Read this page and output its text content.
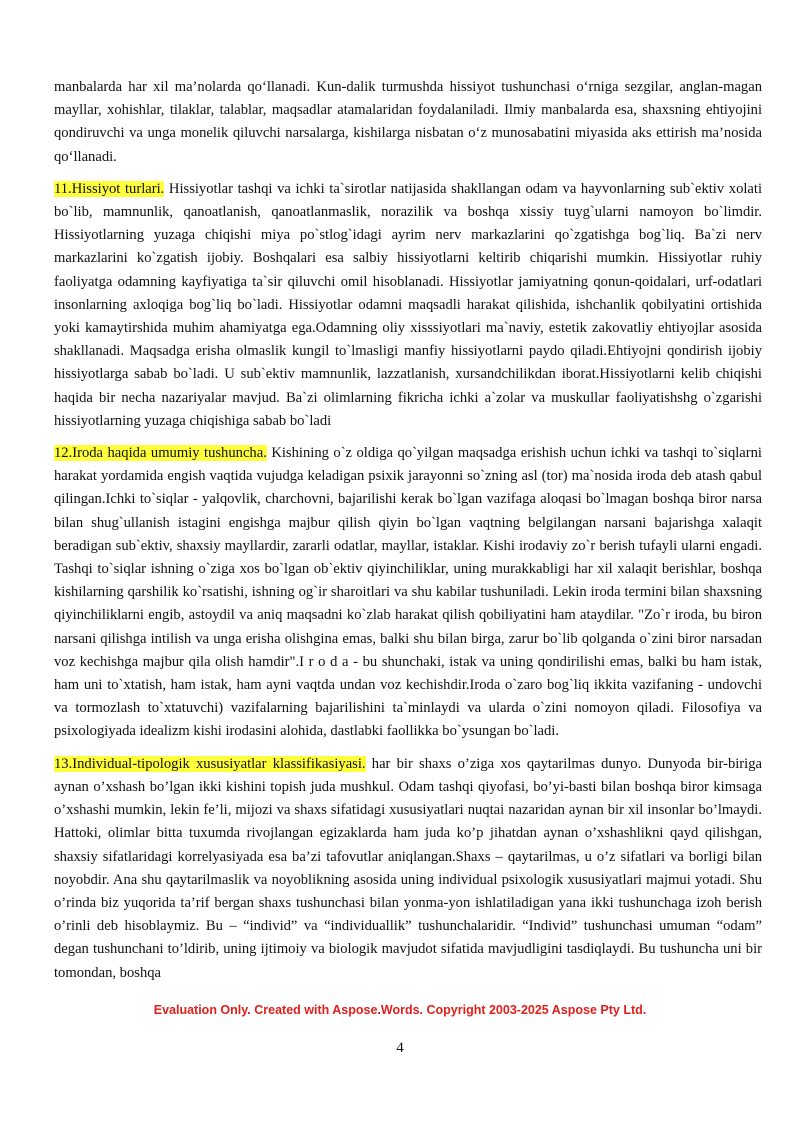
manbalarda har xil ma’nolarda qo‘llanadi. Kun-dalik turmushda hissiyot tushunchasi o‘rniga sezgilar, anglan-magan mayllar, xohishlar, tilaklar, talablar, maqsadlar atamalaridan foydalaniladi. Ilmiy manbalarda esa, shaxsning ehtiyojini qondiruvchi va unga monelik qiluvchi narsalarga, kishilarga nisbatan o‘z munosabatini miyasida aks ettirish ma’nosida qo‘llanadi.

11.Hissiyot turlari. Hissiyotlar tashqi va ichki ta`sirotlar natijasida shakllangan odam va hayvonlarning sub`ektiv xolati bo`lib, mamnunlik, qanoatlanish, qanoatlanmaslik, norazilik va boshqa xissiy tuyg`ularni namoyon bo`limdir. Hissiyotlarning yuzaga chiqishi miya po`stlog`idagi ayrim nerv markazlarini qo`zgatishga bog`liq. Ba`zi nerv markazlarini ko`zgatish ijobiy. Boshqalari esa salbiy hissiyotlarni keltirib chiqarishi mumkin. Hissiyotlar ruhiy faoliyatga odamning kayfiyatiga ta`sir qiluvchi omil hisoblanadi. Hissiyotlar jamiyatning qonun-qoidalari, urf-odatlari insonlarning axloqiga bog`liq bo`ladi. Hissiyotlar odamni maqsadli harakat qilishida, ishchanlik qobilyatini ortishida yoki kamaytirshida muhim ahamiyatga ega.Odamning oliy xisssiyotlari ma`naviy, estetik zakovatliy ehtiyojlar asosida shakllanadi. Maqsadga erisha olmaslik kungil to`lmasligi manfiy hissiyotlarni paydo qiladi.Ehtiyojni qondirish ijobiy hissiyotlarga sabab bo`ladi. U sub`ektiv mamnunlik, lazzatlanish, xursandchilikdan iborat.Hissiyotlarni kelib chiqishi haqida bir necha nazariyalar mavjud. Ba`zi olimlarning fikricha ichki a`zolar va muskullar faoliyatishshg o`zgarishi hissiyotlarning yuzaga chiqishiga sabab bo`ladi

12.Iroda haqida umumiy tushuncha. Kishining o`z oldiga qo`yilgan maqsadga erishish uchun ichki va tashqi to`siqlarni harakat yordamida engish vaqtida vujudga keladigan psixik jarayonni so`zning asl (tor) ma`nosida iroda deb atash qabul qilingan.Ichki to`siqlar - yalqovlik, charchovni, bajarilishi kerak bo`lgan vazifaga aloqasi bo`lmagan boshqa biror narsa bilan shug`ullanish istagini engishga majbur qilish qiyin bo`lgan vaqtning belgilangan narsani bajarishga xalaqit beradigan sub`ektiv, shaxsiy mayllardir, zararli odatlar, mayllar, istaklar. Kishi irodaviy zo`r berish tufayli ularni engadi. Tashqi to`siqlar ishning o`ziga xos bo`lgan ob`ektiv qiyinchiliklar, uning murakkabligi har xil xalaqit berishlar, boshqa kishilarning qarshilik ko`rsatishi, ishning og`ir sharoitlari va shu kabilar tushuniladi. Lekin iroda termini bilan shaxsning qiyinchiliklarni engib, astoydil va aniq maqsadni ko`zlab harakat qilish qobiliyatini ham ataydilar. "Zo`r iroda, bu biron narsani qilishga intilish va unga erisha olishgina emas, balki shu bilan birga, zarur bo`lib qolganda o`zini biror narsadan voz kechishga majbur qila olish hamdir".I r o d a - bu shunchaki, istak va uning qondirilishi emas, balki bu ham istak, ham uni to`xtatish, ham istak, ham ayni vaqtda undan voz kechishdir.Iroda o`zaro bog`liq ikkita vazifaning - undovchi va tormozlash to`xtatuvchi) vazifalarning bajarilishini ta`minlaydi va ularda o`zini nomoyon qiladi. Filosofiya va psixologiyada idealizm kishi irodasini alohida, dastlabki faollikka bo`ysungan bo`ladi.

13.Individual-tipologik xususiyatlar klassifikasiyasi. har bir shaxs o’ziga xos qaytarilmas dunyo. Dunyoda bir-biriga aynan o’xshash bo’lgan ikki kishini topish juda mushkul. Odam tashqi qiyofasi, bo’yi-basti bilan boshqa biror kimsaga o’xshashi mumkin, lekin fe’li, mijozi va shaxs sifatidagi xususiyatlari nuqtai nazaridan aynan bir xil insonlar bo’lmaydi. Hattoki, olimlar bitta tuxumda rivojlangan egizaklarda ham juda ko’p jihatdan aynan o’xshashlikni qayd qilishgan, shaxsiy sifatlaridagi korrelyasiyada esa ba’zi tafovutlar aniqlangan.Shaxs – qaytarilmas, u o’z sifatlari va borligi bilan noyobdir. Ana shu qaytarilmaslik va noyoblikning asosida uning individual psixologik xususiyatlari majmui yotadi. Shu o’rinda biz yuqorida ta’rif bergan shaxs tushunchasi bilan yonma-yon ishlatiladigan yana ikki tushunchaga izoh berish o’rinli deb hisoblaymiz. Bu – “individ” va “individuallik” tushunchalaridir. “Individ” tushunchasi umuman “odam” degan tushunchani to’ldirib, uning ijtimoiy va biologik mavjudot sifatida mavjudligini tasdiqlaydi. Bu tushuncha uni bir tomondan, boshqa

Evaluation Only. Created with Aspose.Words. Copyright 2003-2025 Aspose Pty Ltd.
4
